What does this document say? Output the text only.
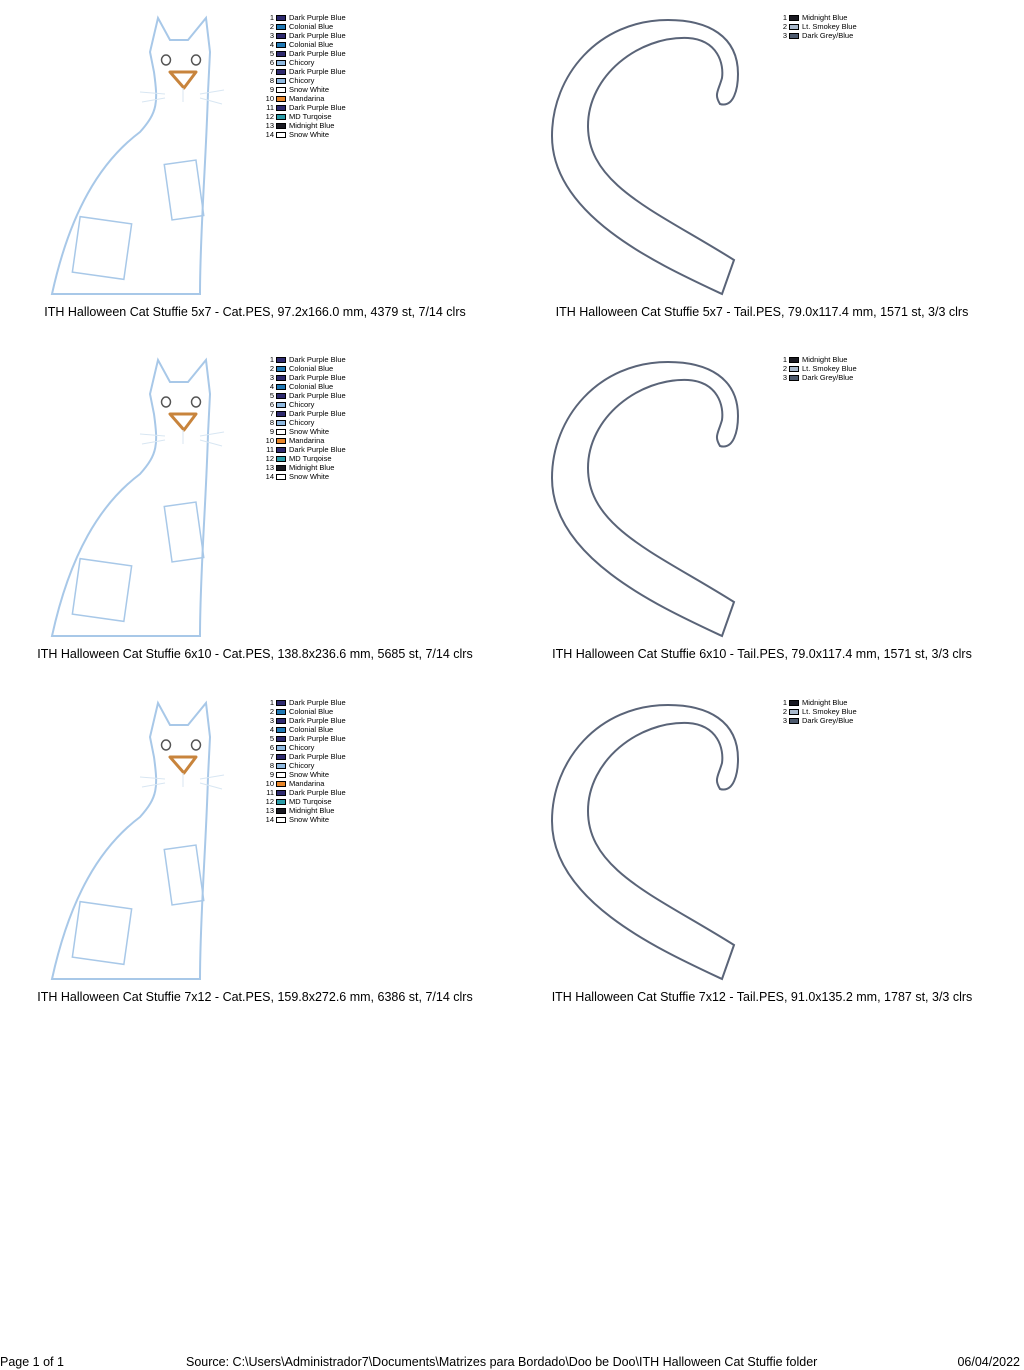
1 Dark Purple Blue
2 Colonial Blue
3 Dark Purple Blue
4 Colonial Blue
5 Dark Purple Blue
6 Chicory
7 Dark Purple Blue
8 Chicory
9 Snow White
10 Mandarina
11 Dark Purple Blue
12 MD Turqoise
13 Midnight Blue
14 Snow White
1 Midnight Blue
2 Lt. Smokey Blue
3 Dark Grey/Blue
ITH Halloween Cat Stuffie 5x7 - Cat.PES, 97.2x166.0 mm, 4379 st, 7/14 clrs	ITH Halloween Cat Stuffie 5x7 - Tail.PES, 79.0x117.4 mm, 1571 st, 3/3 clrs
1 Dark Purple Blue
2 Colonial Blue
3 Dark Purple Blue
4 Colonial Blue
5 Dark Purple Blue
6 Chicory
7 Dark Purple Blue
8 Chicory
9 Snow White
10 Mandarina
11 Dark Purple Blue
12 MD Turqoise
13 Midnight Blue
14 Snow White
1 Midnight Blue
2 Lt. Smokey Blue
3 Dark Grey/Blue
ITH Halloween Cat Stuffie 6x10 - Cat.PES, 138.8x236.6 mm, 5685 st, 7/14 clrs	ITH Halloween Cat Stuffie 6x10 - Tail.PES, 79.0x117.4 mm, 1571 st, 3/3 clrs
1 Dark Purple Blue
2 Colonial Blue
3 Dark Purple Blue
4 Colonial Blue
5 Dark Purple Blue
6 Chicory
7 Dark Purple Blue
8 Chicory
9 Snow White
10 Mandarina
11 Dark Purple Blue
12 MD Turqoise
13 Midnight Blue
14 Snow White
1 Midnight Blue
2 Lt. Smokey Blue
3 Dark Grey/Blue
ITH Halloween Cat Stuffie 7x12 - Cat.PES, 159.8x272.6 mm, 6386 st, 7/14 clrs	ITH Halloween Cat Stuffie 7x12 - Tail.PES, 91.0x135.2 mm, 1787 st, 3/3 clrs
Page 1 of 1	Source: C:\Users\Administrador7\Documents\Matrizes para Bordado\Doo be Doo\ITH Halloween Cat Stuffie folder	06/04/2022
